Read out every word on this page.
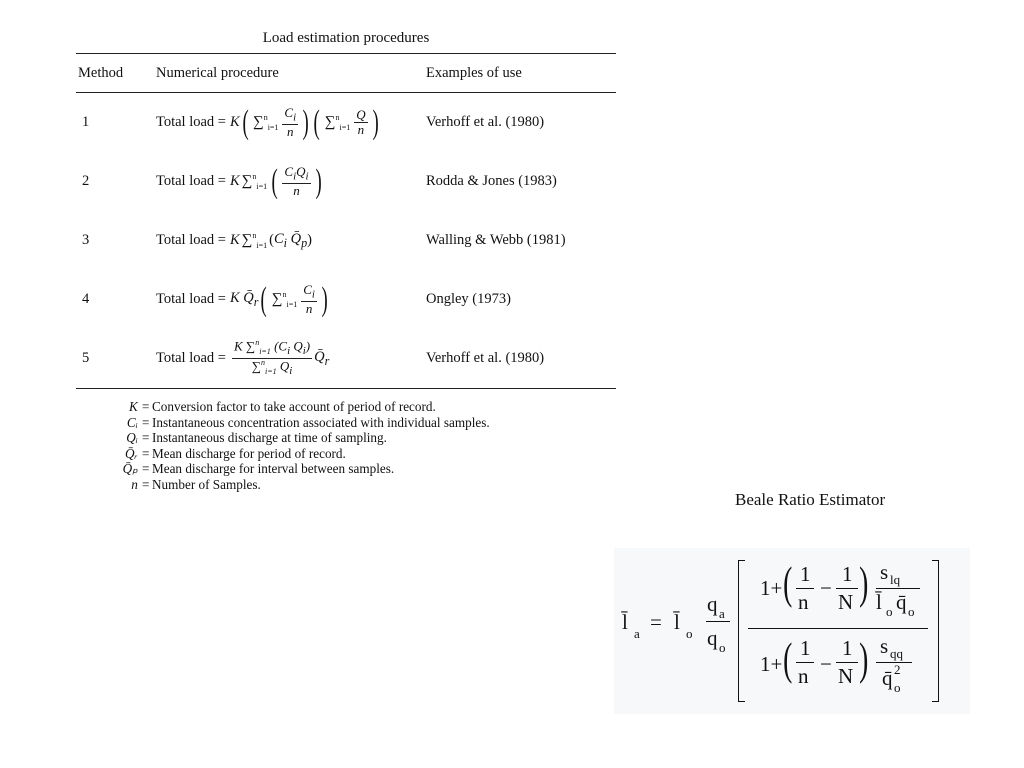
Load estimation procedures
Method	Numerical procedure	Examples of use
1	Total load = K ( $\sum^n_{i=1} \frac{C_i}{n}$ ) ( $\sum^n_{i=1} \frac{Q}{n}$ )	Verhoff et al. (1980)
2	Total load = K ∑$^n_{i=1}$ ( $\frac{C_iQ_i}{n}$ )	Rodda & Jones (1983)
3	Total load = K ∑$^n_{i=1}$ ( $C_i$ $Q̄_p$ )	Walling & Webb (1981)
4	Total load = K $Q̄_r$ ( $\sum^n_{i=1} \frac{C_i}{n}$ )	Ongley (1973)
5	Total load = $\frac{K \sum^n_{i=1} (C_i Q_i)}{\sum^n_{i=1} Q_i}$ $Q̄_r$	Verhoff et al. (1980)
K = Conversion factor to take account of period of record.
Cᵢ = Instantaneous concentration associated with individual samples.
Qᵢ = Instantaneous discharge at time of sampling.
Q̄ᵣ = Mean discharge for period of record.
Q̄ₚ = Mean discharge for interval between samples.
n = Number of Samples.
Beale Ratio Estimator
l̄ a = l̄ o
q a
q o
1+ ( 1
n
−
1
N ) s lq
l̄ o q̄ o
1+ ( 1
n −
1
N ) s qq
q̄ 2
o
